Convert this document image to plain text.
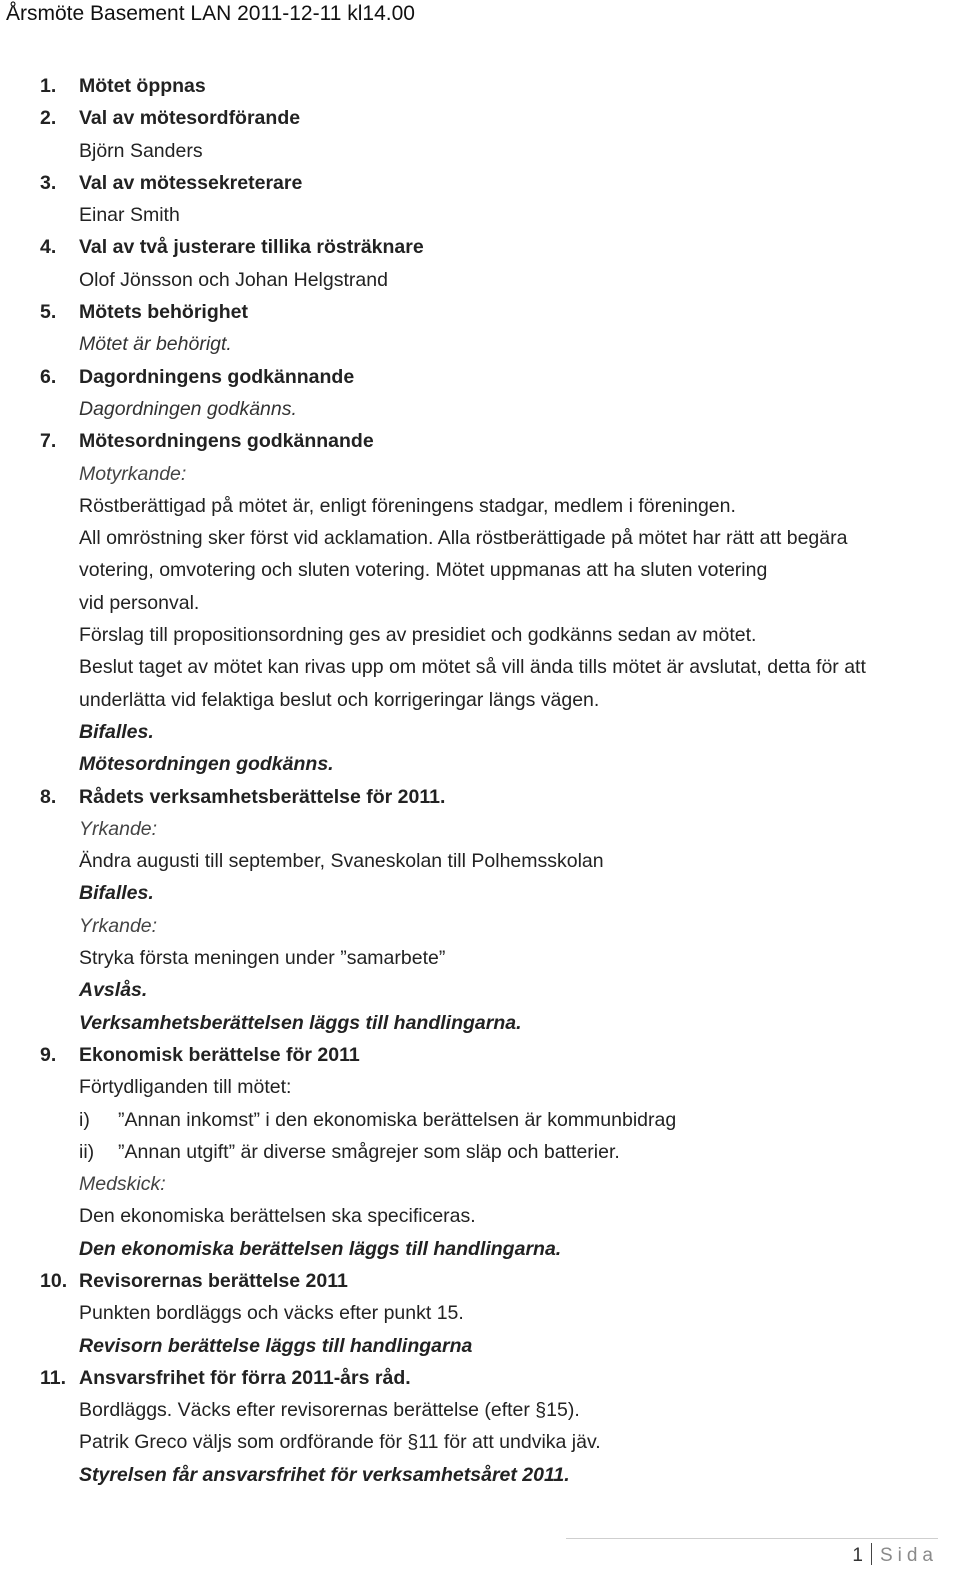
Årsmöte Basement LAN 2011-12-11 kl14.00
1. Mötet öppnas
2. Val av mötesordförande
Björn Sanders
3. Val av mötessekreterare
Einar Smith
4. Val av två justerare tillika rösträknare
Olof Jönsson och Johan Helgstrand
5. Mötets behörighet
Mötet är behörigt.
6. Dagordningens godkännande
Dagordningen godkänns.
7. Mötesordningens godkännande
Motyrkande:
Röstberättigad på mötet är, enligt föreningens stadgar, medlem i föreningen.
All omröstning sker först vid acklamation. Alla röstberättigade på mötet har rätt att begära
votering, omvotering och sluten votering. Mötet uppmanas att ha sluten votering
vid personval.
Förslag till propositionsordning ges av presidiet och godkänns sedan av mötet.
Beslut taget av mötet kan rivas upp om mötet så vill ända tills mötet är avslutat, detta för att
underlätta vid felaktiga beslut och korrigeringar längs vägen.
Bifalles.
Mötesordningen godkänns.
8. Rådets verksamhetsberättelse för 2011.
Yrkande:
Ändra augusti till september, Svaneskolan till Polhemsskolan
Bifalles.
Yrkande:
Stryka första meningen under ”samarbete”
Avslås.
Verksamhetsberättelsen läggs till handlingarna.
9. Ekonomisk berättelse för 2011
Förtydliganden till mötet:
i) ”Annan inkomst” i den ekonomiska berättelsen är kommunbidrag
ii) ”Annan utgift” är diverse smågrejer som släp och batterier.
Medskick:
Den ekonomiska berättelsen ska specificeras.
Den ekonomiska berättelsen läggs till handlingarna.
10. Revisorernas berättelse 2011
Punkten bordläggs och väcks efter punkt 15.
Revisorn berättelse läggs till handlingarna
11. Ansvarsfrihet för förra 2011-års råd.
Bordläggs. Väcks efter revisorernas berättelse (efter §15).
Patrik Greco väljs som ordförande för §11 för att undvika jäv.
Styrelsen får ansvarsfrihet för verksamhetsåret 2011.
1 Sida
